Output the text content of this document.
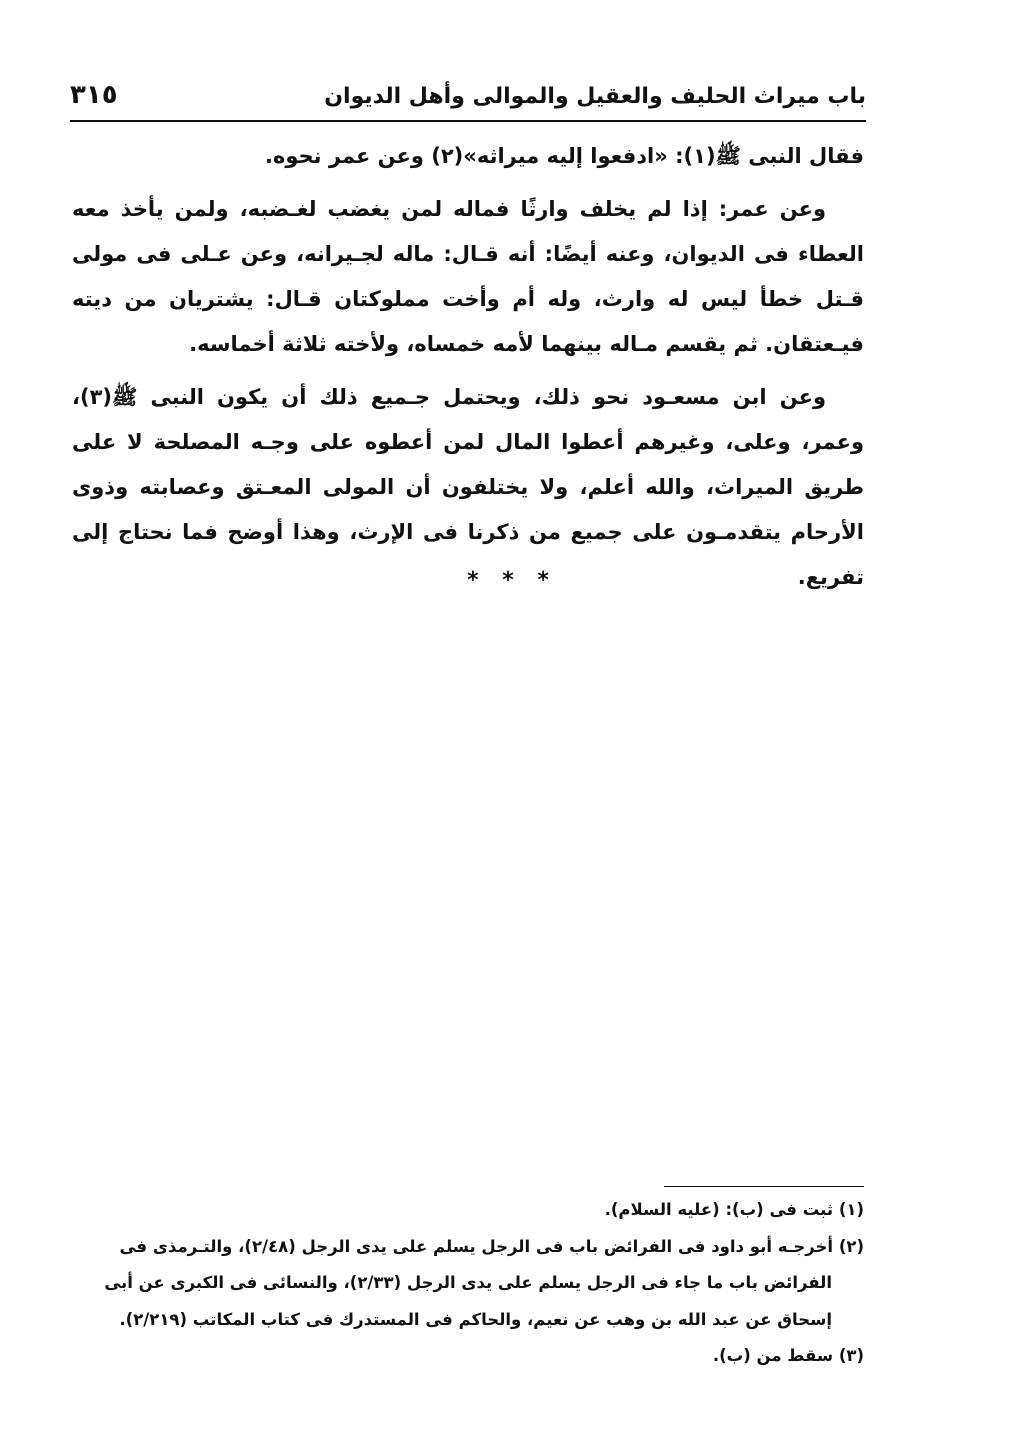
باب ميراث الحليف والعقيل والموالى وأهل الديوان
٣١٥

فقال النبى ﷺ(١): «ادفعوا إليه ميراثه»(٢) وعن عمر نحوه.

وعن عمر: إذا لم يخلف وارثًا فماله لمن يغضب لغـضبه، ولمن يأخذ معه العطاء فى الديوان، وعنه أيضًا: أنه قـال: ماله لجـيرانه، وعن عـلى فى مولى قـتل خطأ ليس له وارث، وله أم وأخت مملوكتان قـال: يشتريان من ديته فيـعتقان. ثم يقسم مـاله بينهما لأمه خمساه، ولأخته ثلاثة أخماسه.

وعن ابن مسعـود نحو ذلك، ويحتمل جـميع ذلك أن يكون النبى ﷺ(٣)، وعمر، وعلى، وغيرهم أعطوا المال لمن أعطوه على وجـه المصلحة لا على طريق الميراث، والله أعلم، ولا يختلفون أن المولى المعـتق وعصابته وذوى الأرحام يتقدمـون على جميع من ذكرنا فى الإرث، وهذا أوضح فما نحتاج إلى تفريع.

* * *

(١) ثبت فى (ب): (عليه السلام).

(٢) أخرجـه أبو داود فى الفرائض باب فى الرجل يسلم على يدى الرجل (٢/٤٨)، والتـرمذى فى

الفرائض باب ما جاء فى الرجل يسلم على يدى الرجل (٢/٣٣)، والنسائى فى الكبرى عن أبى

إسحاق عن عبد الله بن وهب عن نعيم، والحاكم فى المستدرك فى كتاب المكاتب (٢/٢١٩).

(٣) سقط من (ب).
